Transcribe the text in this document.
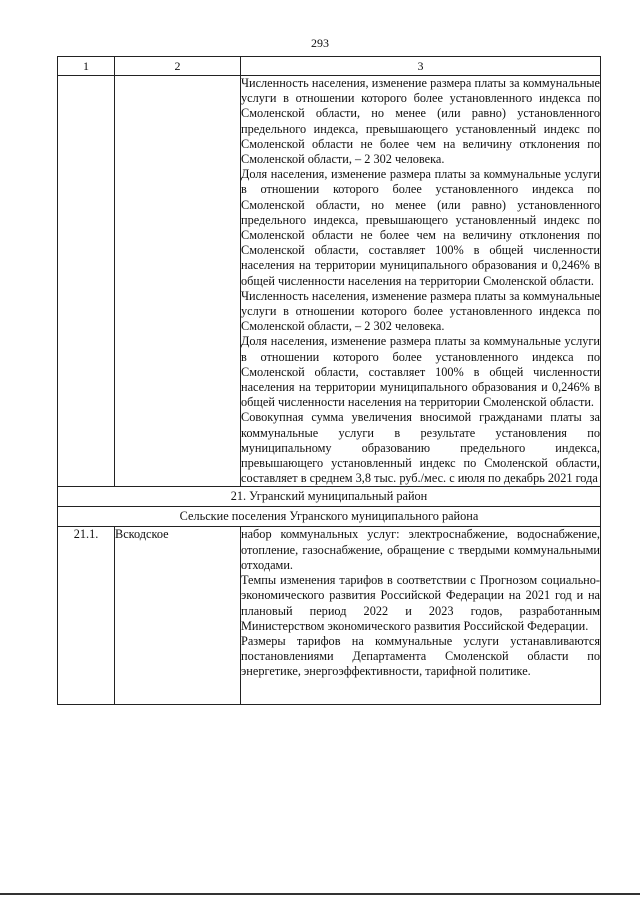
293
1	2	3

		Численность населения, изменение размера платы за коммунальные услуги в отношении которого более установленного индекса по Смоленской области, но менее (или равно) установленного предельного индекса, превышающего установленный индекс по Смоленской области не более чем на величину отклонения по Смоленской области, – 2 302 человека.

Доля населения, изменение размера платы за коммунальные услуги в отношении которого более установленного индекса по Смоленской области, но менее (или равно) установленного предельного индекса, превышающего установленный индекс по Смоленской области не более чем на величину отклонения по Смоленской области, составляет 100% в общей численности населения на территории муниципального образования и 0,246% в общей численности населения на территории Смоленской области.

Численность населения, изменение размера платы за коммунальные услуги в отношении которого более установленного индекса по Смоленской области, – 2 302 человека.

Доля населения, изменение размера платы за коммунальные услуги в отношении которого более установленного индекса по Смоленской области, составляет 100% в общей численности населения на территории муниципального образования и 0,246% в общей численности населения на территории Смоленской области.

Совокупная сумма увеличения вносимой гражданами платы за коммунальные услуги в результате установления по муниципальному образованию предельного индекса, превышающего установленный индекс по Смоленской области, составляет в среднем 3,8 тыс. руб./мес. с июля по декабрь 2021 года

21. Угранский муниципальный район		
Сельские поселения Угранского муниципального района		
21.1.	Вскодское	набор коммунальных услуг: электроснабжение, водоснабжение, отопление, газоснабжение, обращение с твердыми коммунальными отходами.

Темпы изменения тарифов в соответствии с Прогнозом социально-экономического развития Российской Федерации на 2021 год и на плановый период 2022 и 2023 годов, разработанным Министерством экономического развития Российской Федерации.

Размеры тарифов на коммунальные услуги устанавливаются постановлениями Департамента Смоленской области по энергетике, энергоэффективности, тарифной политике.
